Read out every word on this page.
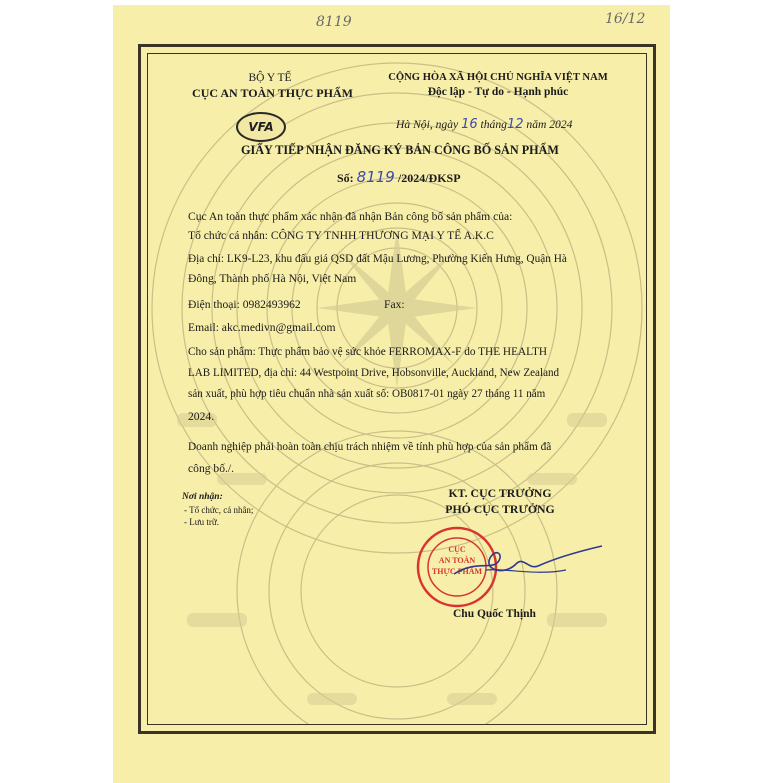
8119	16/12
BỘ Y TẾ
CỤC AN TOÀN THỰC PHẨM
CỘNG HÒA XÃ HỘI CHỦ NGHĨA VIỆT NAM
Độc lập - Tự do - Hạnh phúc
VFA	Hà Nội, ngày 16 tháng12 năm 2024
GIẤY TIẾP NHẬN ĐĂNG KÝ BẢN CÔNG BỐ SẢN PHẨM
Số: 8119 /2024/ĐKSP
Cục An toàn thực phẩm xác nhận đã nhận Bản công bố sản phẩm của:
Tổ chức cá nhân: CÔNG TY TNHH THƯƠNG MẠI Y TẾ A.K.C
Địa chỉ: LK9-L23, khu đấu giá QSD đất Mậu Lương, Phường Kiến Hưng, Quận Hà
Đông, Thành phố Hà Nội, Việt Nam
Điện thoại: 0982493962	Fax:
Email: akc.medivn@gmail.com
Cho sản phẩm: Thực phẩm bảo vệ sức khỏe FERROMAX-F do THE HEALTH
LAB LIMITED, địa chỉ: 44 Westpoint Drive, Hobsonville, Auckland, New Zealand
sản xuất, phù hợp tiêu chuẩn nhà sản xuất số: OB0817-01 ngày 27 tháng 11 năm
2024.
Doanh nghiệp phải hoàn toàn chịu trách nhiệm về tính phù hợp của sản phẩm đã
công bố./.
Nơi nhận:
- Tổ chức, cá nhân;
- Lưu trữ.
KT. CỤC TRƯỞNG
PHÓ CỤC TRƯỞNG
CỤC
AN TOÀN
THỰC PHẨM
Chu Quốc Thịnh
